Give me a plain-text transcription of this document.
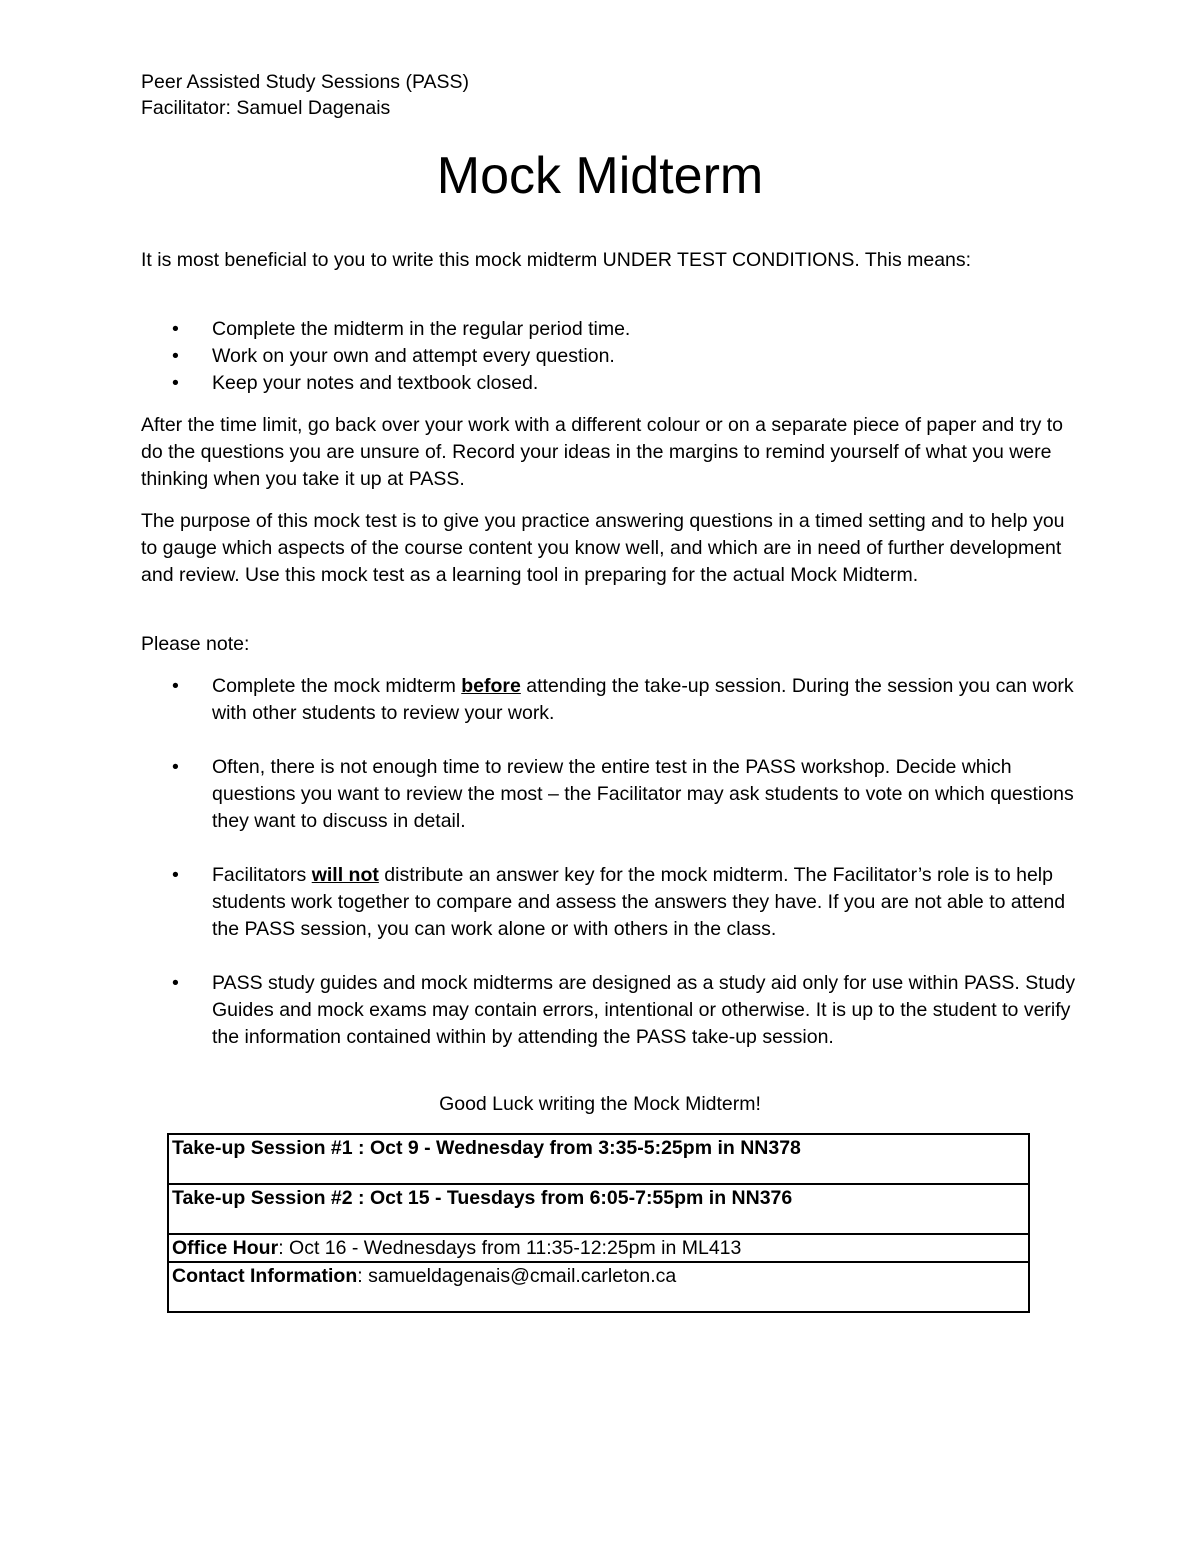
Peer Assisted Study Sessions (PASS)
Facilitator: Samuel Dagenais
Mock Midterm

It is most beneficial to you to write this mock midterm UNDER TEST CONDITIONS. This means:

• Complete the midterm in the regular period time.
• Work on your own and attempt every question.
• Keep your notes and textbook closed.

After the time limit, go back over your work with a different colour or on a separate piece of paper and try to do the questions you are unsure of. Record your ideas in the margins to remind yourself of what you were thinking when you take it up at PASS.

The purpose of this mock test is to give you practice answering questions in a timed setting and to help you to gauge which aspects of the course content you know well, and which are in need of further development and review. Use this mock test as a learning tool in preparing for the actual Mock Midterm.

Please note:

• Complete the mock midterm before attending the take-up session. During the session you can work with other students to review your work.
• Often, there is not enough time to review the entire test in the PASS workshop. Decide which questions you want to review the most – the Facilitator may ask students to vote on which questions they want to discuss in detail.
• Facilitators will not distribute an answer key for the mock midterm. The Facilitator’s role is to help students work together to compare and assess the answers they have. If you are not able to attend the PASS session, you can work alone or with others in the class.
• PASS study guides and mock midterms are designed as a study aid only for use within PASS. Study Guides and mock exams may contain errors, intentional or otherwise. It is up to the student to verify the information contained within by attending the PASS take-up session.
Good Luck writing the Mock Midterm!
Take-up Session #1 : Oct 9 - Wednesday from 3:35-5:25pm in NN378
Take-up Session #2 : Oct 15 - Tuesdays from 6:05-7:55pm in NN376
Office Hour: Oct 16 - Wednesdays from 11:35-12:25pm in ML413
Contact Information: samueldagenais@cmail.carleton.ca
